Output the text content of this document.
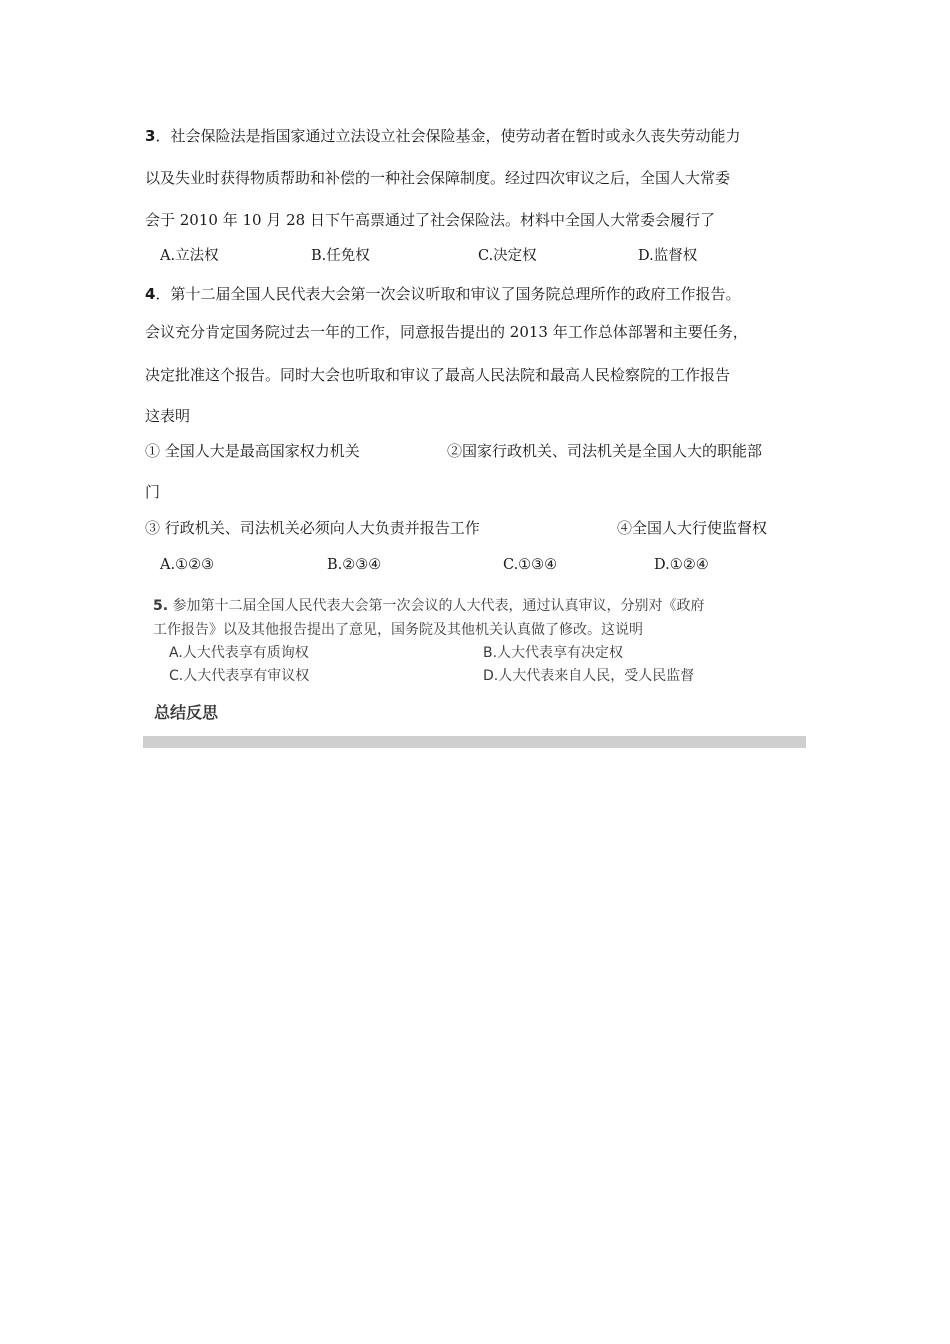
3．社会保险法是指国家通过立法设立社会保险基金，使劳动者在暂时或永久丧失劳动能力
以及失业时获得物质帮助和补偿的一种社会保障制度。经过四次审议之后，全国人大常委
会于 2010 年 10 月 28 日下午高票通过了社会保险法。材料中全国人大常委会履行了
A.立法权	B.任免权	C.决定权	D.监督权
4．第十二届全国人民代表大会第一次会议听取和审议了国务院总理所作的政府工作报告。
会议充分肯定国务院过去一年的工作，同意报告提出的 2013 年工作总体部署和主要任务，
决定批准这个报告。同时大会也听取和审议了最高人民法院和最高人民检察院的工作报告
这表明
① 全国人大是最高国家权力机关	②国家行政机关、司法机关是全国人大的职能部
门
③ 行政机关、司法机关必须向人大负责并报告工作	④全国人大行使监督权
A.①②③	B.②③④	C.①③④	D.①②④
5. 参加第十二届全国人民代表大会第一次会议的人大代表，通过认真审议，分别对《政府
工作报告》以及其他报告提出了意见，国务院及其他机关认真做了修改。这说明
A.人大代表享有质询权	B.人大代表享有决定权
C.人大代表享有审议权	D.人大代表来自人民，受人民监督
总结反思
